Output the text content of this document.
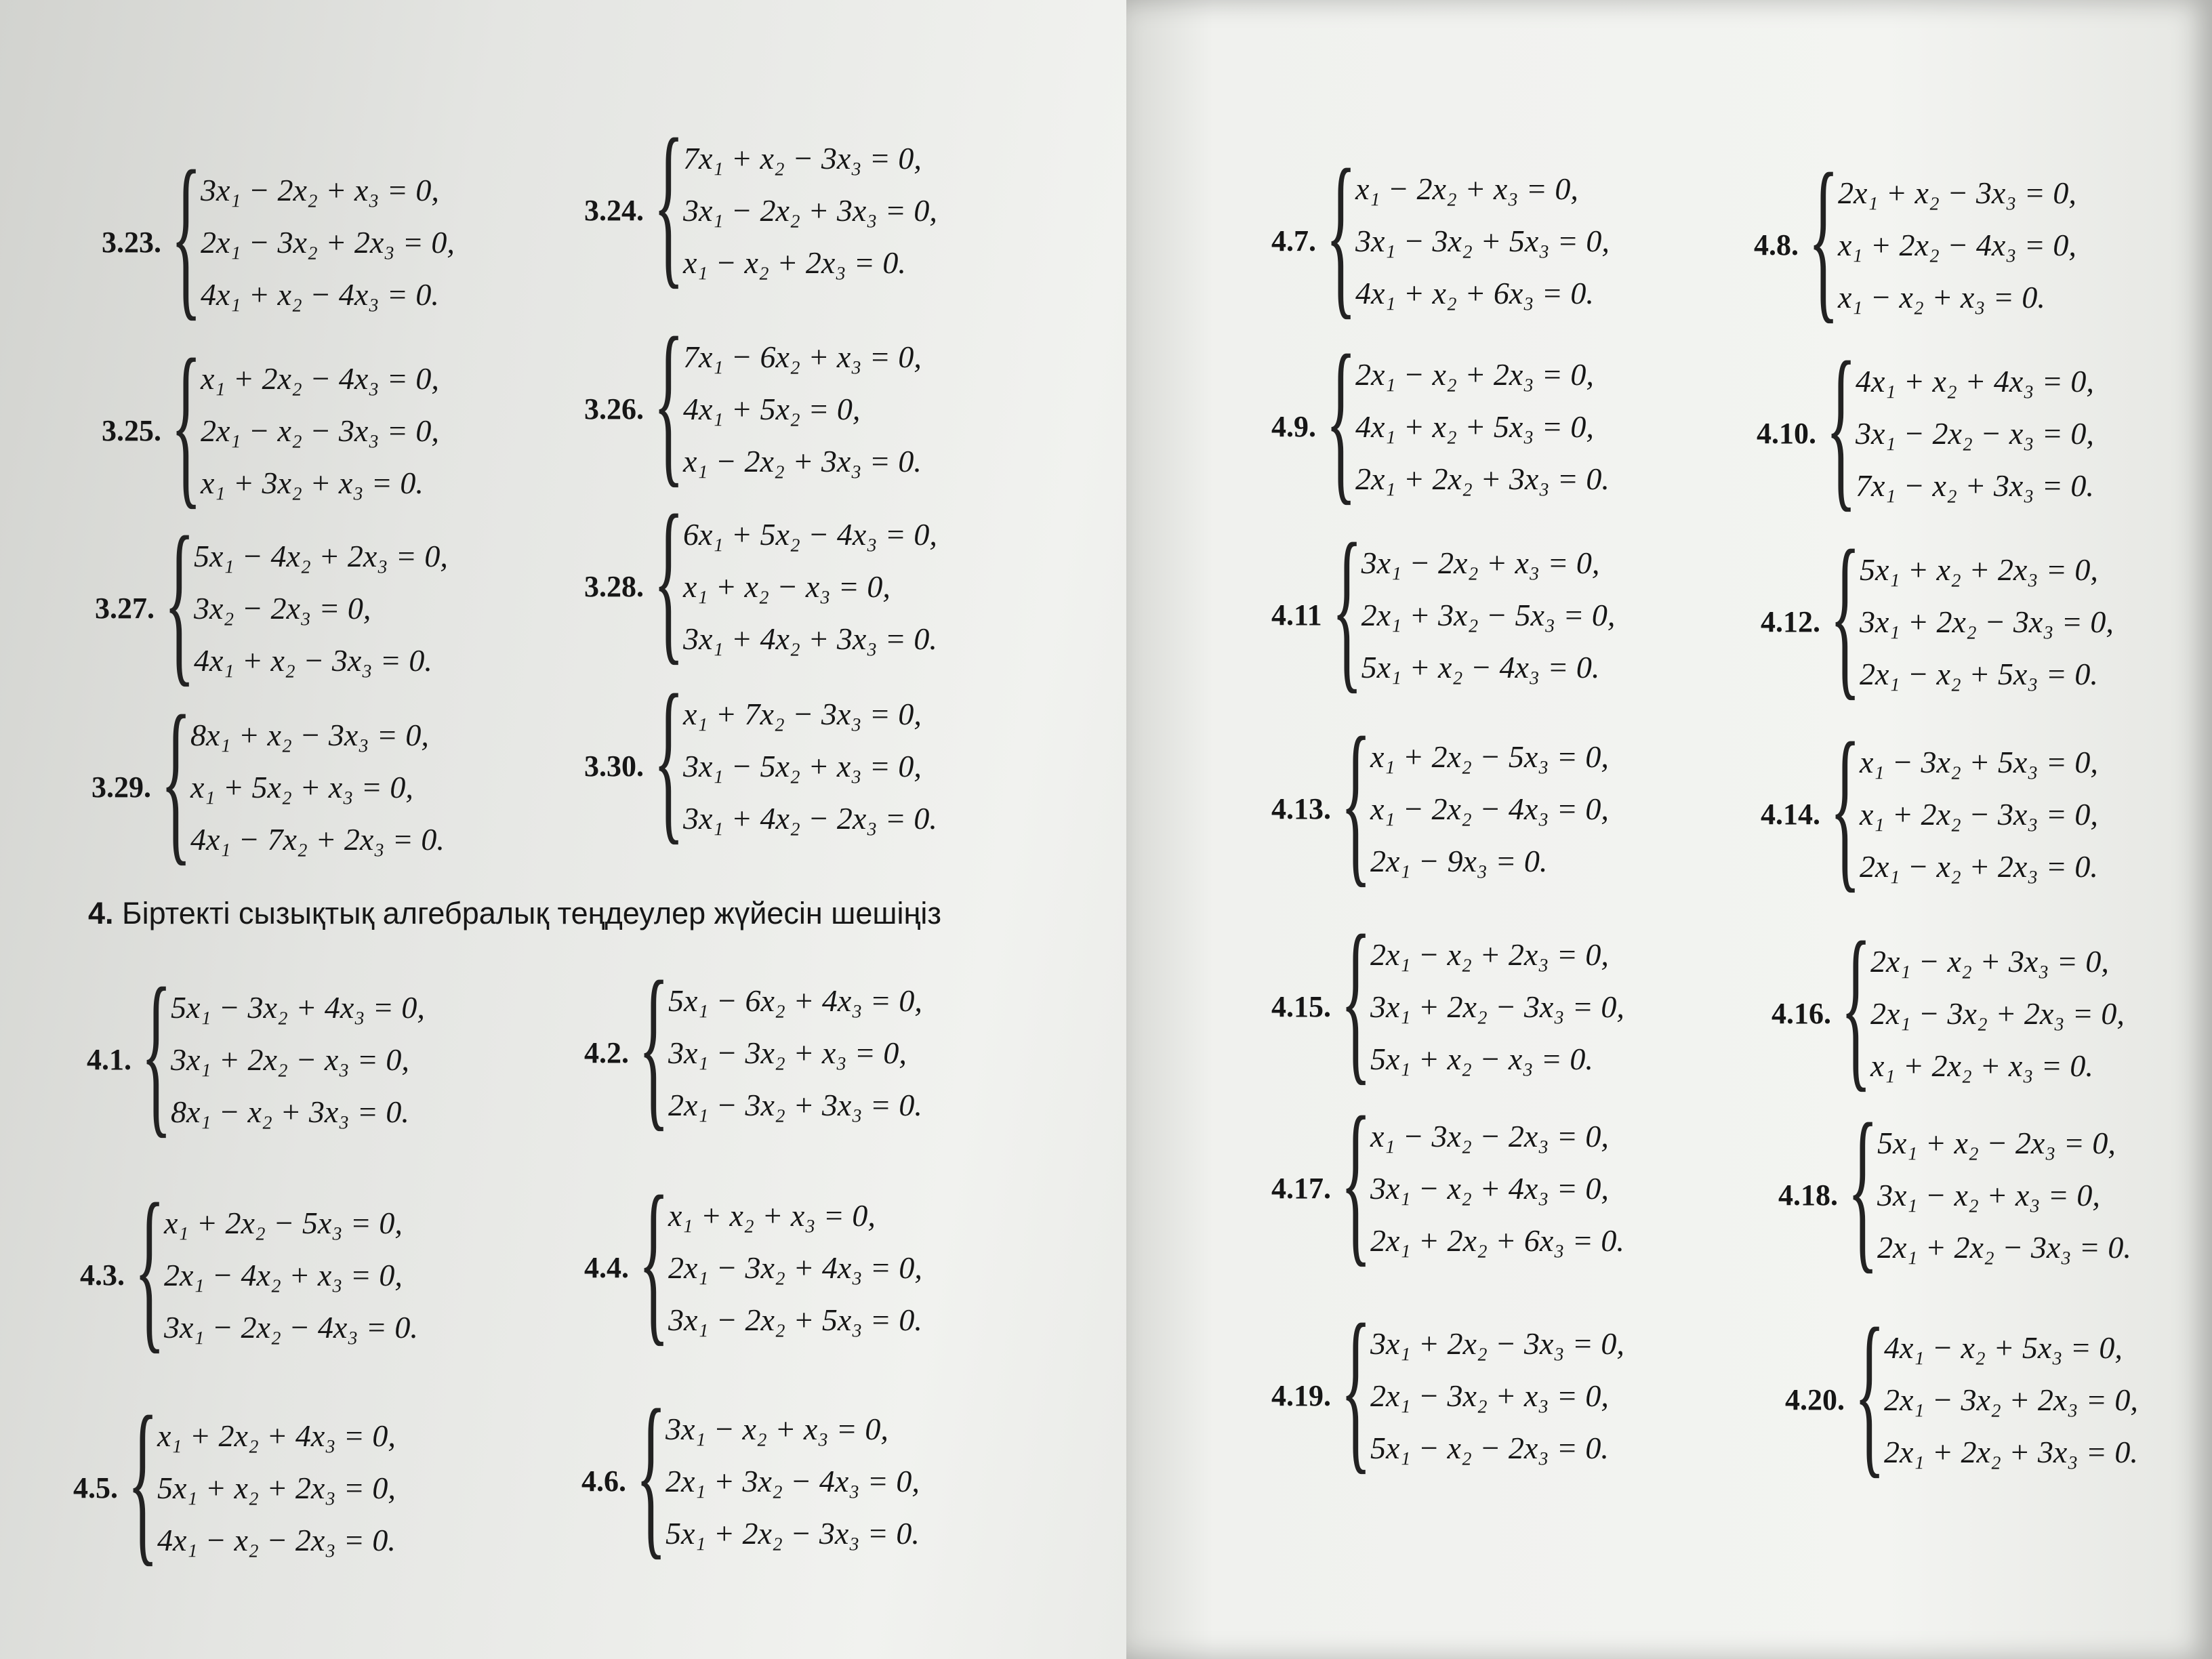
3.23. {
3x₁ − 2x₂ + x₃ = 0,
2x₁ − 3x₂ + 2x₃ = 0,
4x₁ + x₂ − 4x₃ = 0.
3.24. {
7x₁ + x₂ − 3x₃ = 0,
3x₁ − 2x₂ + 3x₃ = 0,
x₁ − x₂ + 2x₃ = 0.
3.25. {
x₁ + 2x₂ − 4x₃ = 0,
2x₁ − x₂ − 3x₃ = 0,
x₁ + 3x₂ + x₃ = 0.
3.26. {
7x₁ − 6x₂ + x₃ = 0,
4x₁ + 5x₂ = 0,
x₁ − 2x₂ + 3x₃ = 0.
3.27. {
5x₁ − 4x₂ + 2x₃ = 0,
3x₂ − 2x₃ = 0,
4x₁ + x₂ − 3x₃ = 0.
3.28. {
6x₁ + 5x₂ − 4x₃ = 0,
x₁ + x₂ − x₃ = 0,
3x₁ + 4x₂ + 3x₃ = 0.
3.29. {
8x₁ + x₂ − 3x₃ = 0,
x₁ + 5x₂ + x₃ = 0,
4x₁ − 7x₂ + 2x₃ = 0.
3.30. {
x₁ + 7x₂ − 3x₃ = 0,
3x₁ − 5x₂ + x₃ = 0,
3x₁ + 4x₂ − 2x₃ = 0.
4. Біртекті сызықтық алгебралық теңдеулер жүйесін шешіңіз
4.1. {
5x₁ − 3x₂ + 4x₃ = 0,
3x₁ + 2x₂ − x₃ = 0,
8x₁ − x₂ + 3x₃ = 0.
4.2. {
5x₁ − 6x₂ + 4x₃ = 0,
3x₁ − 3x₂ + x₃ = 0,
2x₁ − 3x₂ + 3x₃ = 0.
4.3. {
x₁ + 2x₂ − 5x₃ = 0,
2x₁ − 4x₂ + x₃ = 0,
3x₁ − 2x₂ − 4x₃ = 0.
4.4. {
x₁ + x₂ + x₃ = 0,
2x₁ − 3x₂ + 4x₃ = 0,
3x₁ − 2x₂ + 5x₃ = 0.
4.5. {
x₁ + 2x₂ + 4x₃ = 0,
5x₁ + x₂ + 2x₃ = 0,
4x₁ − x₂ − 2x₃ = 0.
4.6. {
3x₁ − x₂ + x₃ = 0,
2x₁ + 3x₂ − 4x₃ = 0,
5x₁ + 2x₂ − 3x₃ = 0.
4.7. {
x₁ − 2x₂ + x₃ = 0,
3x₁ − 3x₂ + 5x₃ = 0,
4x₁ + x₂ + 6x₃ = 0.
4.8. {
2x₁ + x₂ − 3x₃ = 0,
x₁ + 2x₂ − 4x₃ = 0,
x₁ − x₂ + x₃ = 0.
4.9. {
2x₁ − x₂ + 2x₃ = 0,
4x₁ + x₂ + 5x₃ = 0,
2x₁ + 2x₂ + 3x₃ = 0.
4.10. {
4x₁ + x₂ + 4x₃ = 0,
3x₁ − 2x₂ − x₃ = 0,
7x₁ − x₂ + 3x₃ = 0.
4.11 {
3x₁ − 2x₂ + x₃ = 0,
2x₁ + 3x₂ − 5x₃ = 0,
5x₁ + x₂ − 4x₃ = 0.
4.12. {
5x₁ + x₂ + 2x₃ = 0,
3x₁ + 2x₂ − 3x₃ = 0,
2x₁ − x₂ + 5x₃ = 0.
4.13. {
x₁ + 2x₂ − 5x₃ = 0,
x₁ − 2x₂ − 4x₃ = 0,
2x₁ − 9x₃ = 0.
4.14. {
x₁ − 3x₂ + 5x₃ = 0,
x₁ + 2x₂ − 3x₃ = 0,
2x₁ − x₂ + 2x₃ = 0.
4.15. {
2x₁ − x₂ + 2x₃ = 0,
3x₁ + 2x₂ − 3x₃ = 0,
5x₁ + x₂ − x₃ = 0.
4.16. {
2x₁ − x₂ + 3x₃ = 0,
2x₁ − 3x₂ + 2x₃ = 0,
x₁ + 2x₂ + x₃ = 0.
4.17. {
x₁ − 3x₂ − 2x₃ = 0,
3x₁ − x₂ + 4x₃ = 0,
2x₁ + 2x₂ + 6x₃ = 0.
4.18. {
5x₁ + x₂ − 2x₃ = 0,
3x₁ − x₂ + x₃ = 0,
2x₁ + 2x₂ − 3x₃ = 0.
4.19. {
3x₁ + 2x₂ − 3x₃ = 0,
2x₁ − 3x₂ + x₃ = 0,
5x₁ − x₂ − 2x₃ = 0.
4.20. {
4x₁ − x₂ + 5x₃ = 0,
2x₁ − 3x₂ + 2x₃ = 0,
2x₁ + 2x₂ + 3x₃ = 0.
